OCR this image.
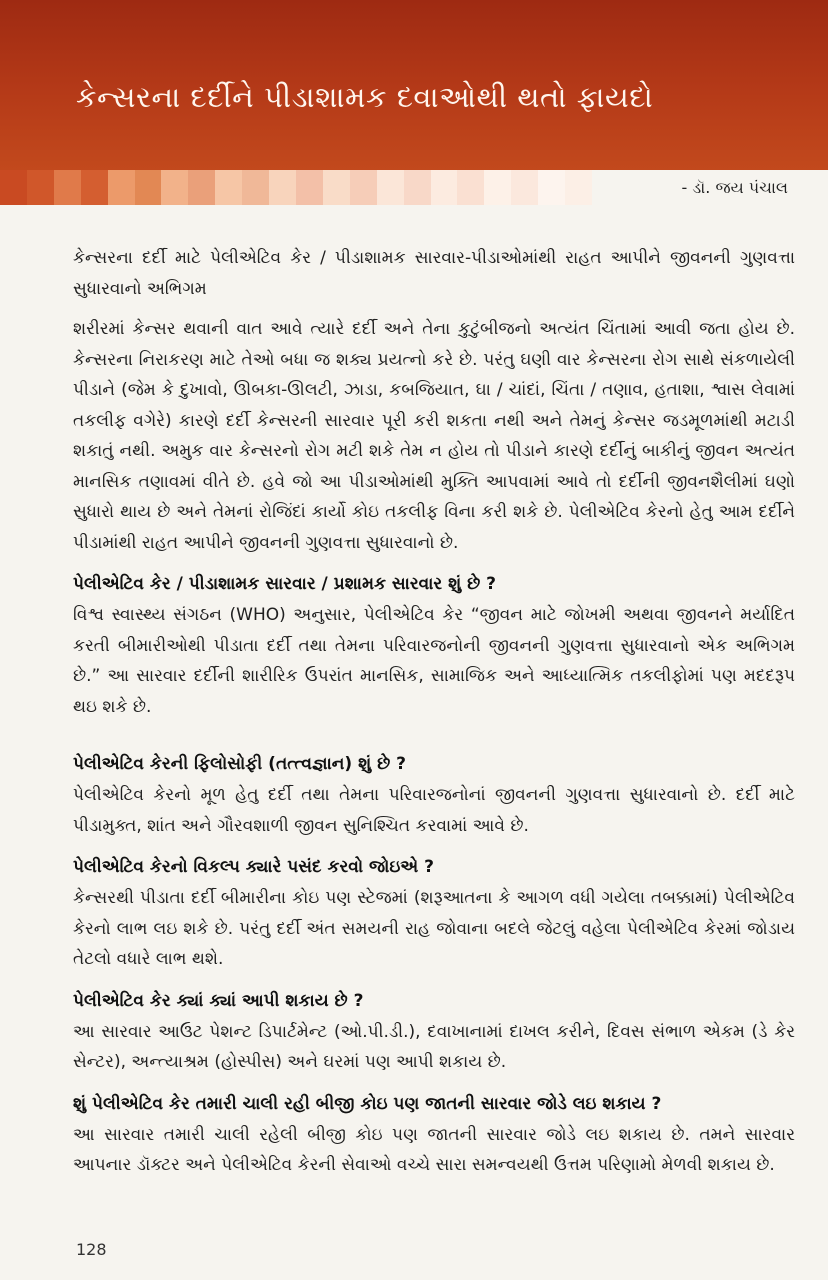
કેન્સરના દર્દીને પીડાશામક દવાઓથી થતો ફાયદો
- ડૉ. જય પંચાલ

કેન્સરના દર્દી માટે પેલીએટિવ કેર / પીડાશામક સારવાર-પીડાઓમાંથી રાહત આપીને જીવનની ગુણવત્તા સુધારવાનો અભિગમ

શરીરમાં કેન્સર થવાની વાત આવે ત્યારે દર્દી અને તેના કુટુંબીજનો અત્યંત ચિંતામાં આવી જતા હોય છે. કેન્સરના નિરાકરણ માટે તેઓ બધા જ શક્ય પ્રયત્નો કરે છે. પરંતુ ઘણી વાર કેન્સરના રોગ સાથે સંકળાયેલી પીડાને (જેમ કે દુખાવો, ઊબકા-ઊલટી, ઝાડા, કબજિયાત, ઘા / ચાંદાં, ચિંતા / તણાવ, હતાશા, શ્વાસ લેવામાં તકલીફ વગેરે) કારણે દર્દી કેન્સરની સારવાર પૂરી કરી શકતા નથી અને તેમનું કેન્સર જડમૂળમાંથી મટાડી શકાતું નથી. અમુક વાર કેન્સરનો રોગ મટી શકે તેમ ન હોય તો પીડાને કારણે દર્દીનું બાકીનું જીવન અત્યંત માનસિક તણાવમાં વીતે છે. હવે જો આ પીડાઓમાંથી મુક્તિ આપવામાં આવે તો દર્દીની જીવનશૈલીમાં ઘણો સુધારો થાય છે અને તેમનાં રોજિંદાં કાર્યો કોઇ તકલીફ વિના કરી શકે છે. પેલીએટિવ કેરનો હેતુ આમ દર્દીને પીડામાંથી રાહત આપીને જીવનની ગુણવત્તા સુધારવાનો છે.

પેલીએટિવ કેર / પીડાશામક સારવાર / પ્રશામક સારવાર શું છે ?

વિશ્વ સ્વાસ્થ્ય સંગઠન (WHO) અનુસાર, પેલીએટિવ કેર “જીવન માટે જોખમી અથવા જીવનને મર્યાદિત કરતી બીમારીઓથી પીડાતા દર્દી તથા તેમના પરિવારજનોની જીવનની ગુણવત્તા સુધારવાનો એક અભિગમ છે.” આ સારવાર દર્દીની શારીરિક ઉપરાંત માનસિક, સામાજિક અને આધ્યાત્મિક તકલીફોમાં પણ મદદરૂપ થઇ શકે છે.

પેલીએટિવ કેરની ફિલોસોફી (તત્ત્વજ્ઞાન) શું છે ?

પેલીએટિવ કેરનો મૂળ હેતુ દર્દી તથા તેમના પરિવારજનોનાં જીવનની ગુણવત્તા સુધારવાનો છે. દર્દી માટે પીડામુક્ત, શાંત અને ગૌરવશાળી જીવન સુનિશ્ચિત કરવામાં આવે છે.

પેલીએટિવ કેરનો વિકલ્પ ક્યારે પસંદ કરવો જોઇએ ?

કેન્સરથી પીડાતા દર્દી બીમારીના કોઇ પણ સ્ટેજમાં (શરૂઆતના કે આગળ વધી ગયેલા તબક્કામાં) પેલીએટિવ કેરનો લાભ લઇ શકે છે. પરંતુ દર્દી અંત સમયની રાહ જોવાના બદલે જેટલું વહેલા પેલીએટિવ કેરમાં જોડાય તેટલો વધારે લાભ થશે.

પેલીએટિવ કેર ક્યાં ક્યાં આપી શકાય છે ?

આ સારવાર આઉટ પેશન્ટ ડિપાર્ટમેન્ટ (ઓ.પી.ડી.), દવાખાનામાં દાખલ કરીને, દિવસ સંભાળ એકમ (ડે કેર સેન્ટર), અન્ત્યાશ્રમ (હોસ્પીસ) અને ઘરમાં પણ આપી શકાય છે.

શું પેલીએટિવ કેર તમારી ચાલી રહી બીજી કોઇ પણ જાતની સારવાર જોડે લઇ શકાય ?

આ સારવાર તમારી ચાલી રહેલી બીજી કોઇ પણ જાતની સારવાર જોડે લઇ શકાય છે. તમને સારવાર આપનાર ડૉક્ટર અને પેલીએટિવ કેરની સેવાઓ વચ્ચે સારા સમન્વયથી ઉત્તમ પરિણામો મેળવી શકાય છે.

128
